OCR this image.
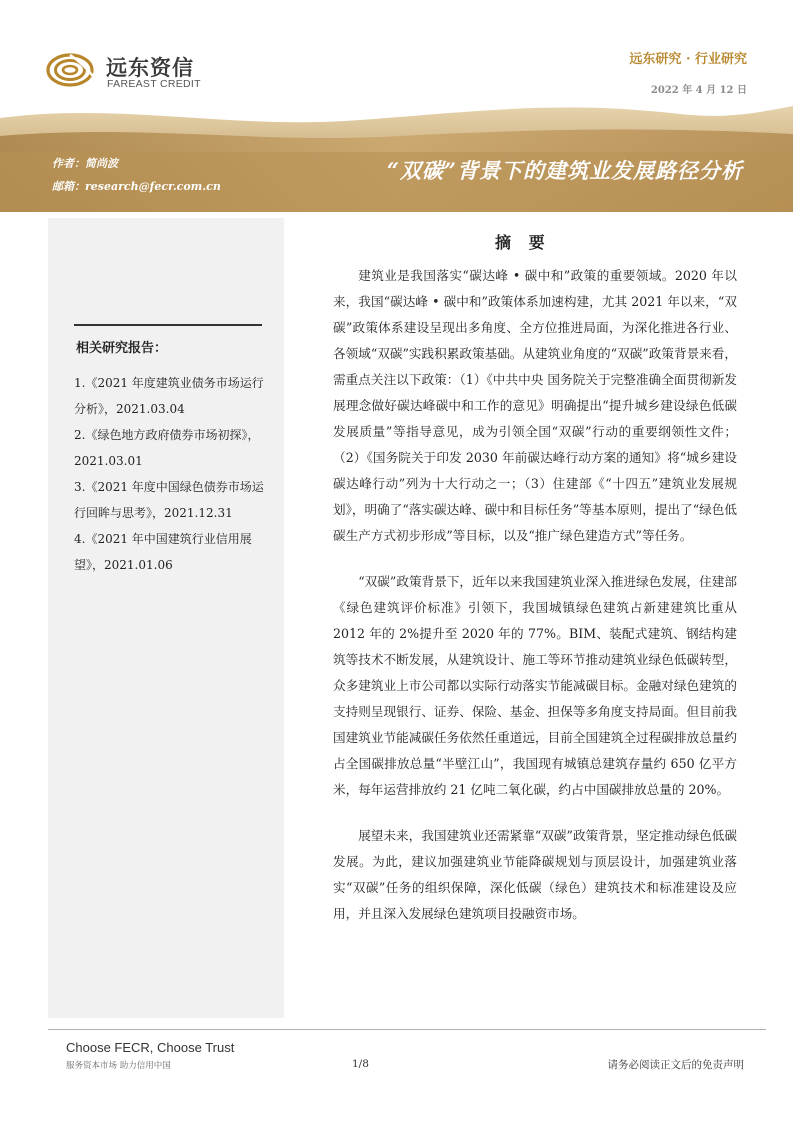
远东资信
FAREAST CREDIT
远东研究 · 行业研究
2022 年 4 月 12 日
作者：简尚波
邮箱：research@fecr.com.cn
“双碳”背景下的建筑业发展路径分析
相关研究报告：
1.《2021 年度建筑业债务市场运行分析》，2021.03.04
2.《绿色地方政府债券市场初探》，2021.03.01
3.《2021 年度中国绿色债券市场运行回眸与思考》，2021.12.31
4.《2021 年中国建筑行业信用展望》，2021.01.06
摘 要

建筑业是我国落实“碳达峰 • 碳中和”政策的重要领域。2020 年以来，我国“碳达峰 • 碳中和”政策体系加速构建，尤其 2021 年以来，“双碳”政策体系建设呈现出多角度、全方位推进局面，为深化推进各行业、各领域“双碳”实践积累政策基础。从建筑业角度的“双碳”政策背景来看，需重点关注以下政策：（1）《中共中央 国务院关于完整准确全面贯彻新发展理念做好碳达峰碳中和工作的意见》明确提出“提升城乡建设绿色低碳发展质量”等指导意见，成为引领全国“双碳”行动的重要纲领性文件；（2）《国务院关于印发 2030 年前碳达峰行动方案的通知》将“城乡建设碳达峰行动”列为十大行动之一；（3）住建部《“十四五”建筑业发展规划》，明确了“落实碳达峰、碳中和目标任务”等基本原则，提出了“绿色低碳生产方式初步形成”等目标，以及“推广绿色建造方式”等任务。

“双碳”政策背景下，近年以来我国建筑业深入推进绿色发展，住建部《绿色建筑评价标准》引领下，我国城镇绿色建筑占新建建筑比重从 2012 年的 2%提升至 2020 年的 77%。BIM、装配式建筑、钢结构建筑等技术不断发展，从建筑设计、施工等环节推动建筑业绿色低碳转型，众多建筑业上市公司都以实际行动落实节能减碳目标。金融对绿色建筑的支持则呈现银行、证券、保险、基金、担保等多角度支持局面。但目前我国建筑业节能减碳任务依然任重道远，目前全国建筑全过程碳排放总量约占全国碳排放总量“半壁江山”，我国现有城镇总建筑存量约 650 亿平方米，每年运营排放约 21 亿吨二氧化碳，约占中国碳排放总量的 20%。

展望未来，我国建筑业还需紧靠“双碳”政策背景，坚定推动绿色低碳发展。为此，建议加强建筑业节能降碳规划与顶层设计，加强建筑业落实“双碳”任务的组织保障，深化低碳（绿色）建筑技术和标准建设及应用，并且深入发展绿色建筑项目投融资市场。

Choose FECR, Choose Trust
服务资本市场 助力信用中国	1/8	请务必阅读正文后的免责声明
